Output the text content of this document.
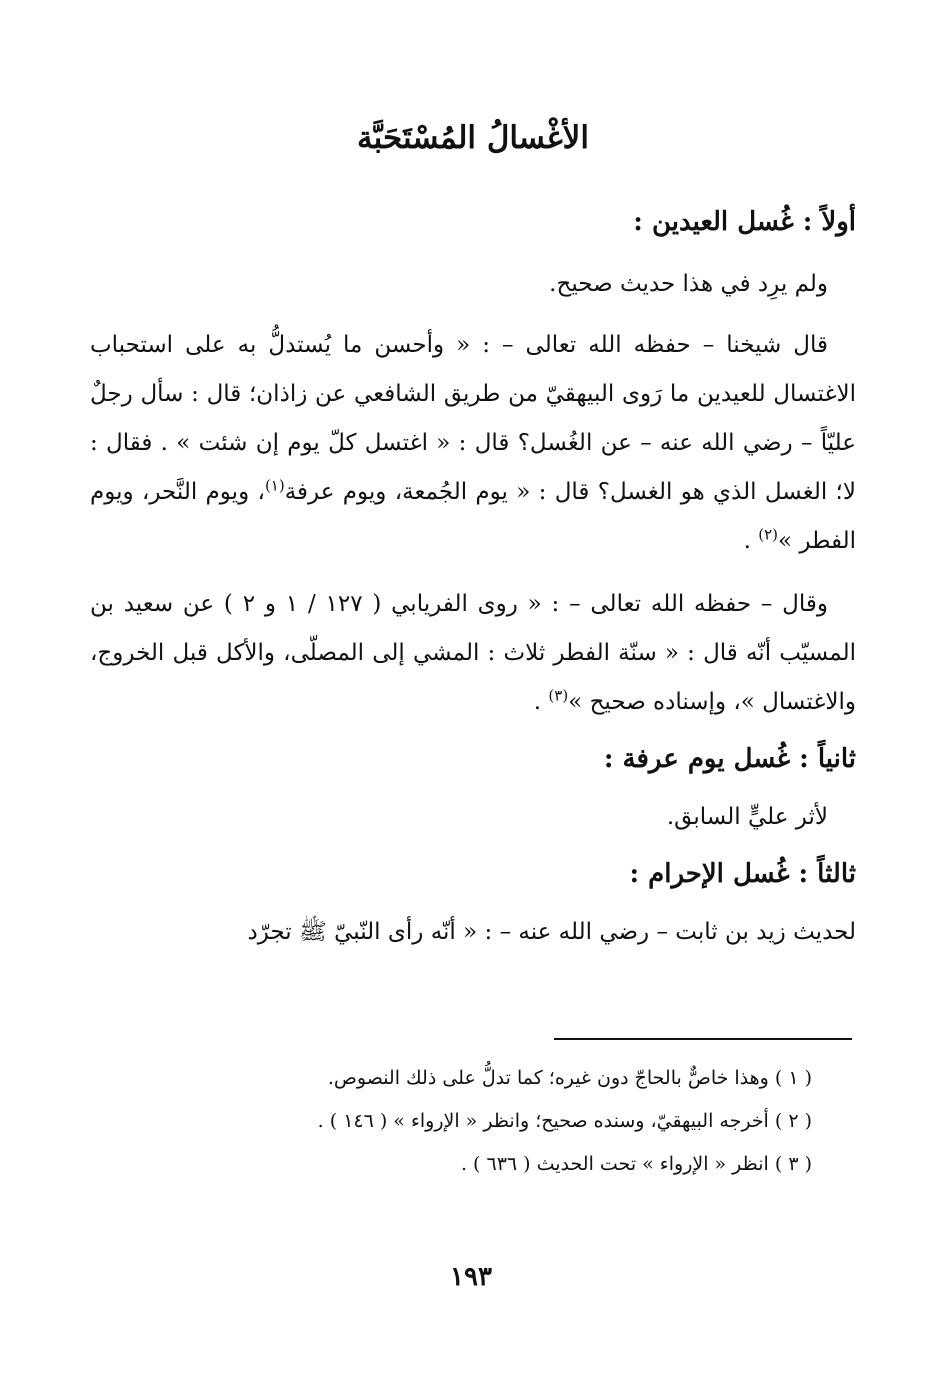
الأغْسالُ المُسْتَحَبَّة
أولاً : غُسل العيدين :

ولم يرِد في هذا حديث صحيح.

قال شيخنا – حفظه الله تعالى – : « وأحسن ما يُستدلُّ به على استحباب الاغتسال للعيدين ما رَوى البيهقيّ من طريق الشافعي عن زاذان؛ قال : سأل رجلٌ عليّاً – رضي الله عنه – عن الغُسل؟ قال : « اغتسل كلّ يوم إن شئت » . فقال : لا؛ الغسل الذي هو الغسل؟ قال : « يوم الجُمعة، ويوم عرفة$^{(١)}$، ويوم النَّحر، ويوم الفطر »$^{(٢)}$ .

وقال – حفظه الله تعالى – : « روى الفريابي ( ١٢٧ / ١ و ٢ ) عن سعيد بن المسيّب أنّه قال : « سنّة الفطر ثلاث : المشي إلى المصلّى، والأكل قبل الخروج، والاغتسال »، وإسناده صحيح »$^{(٣)}$ .

ثانياً : غُسل يوم عرفة :

لأثر عليٍّ السابق.

ثالثاً : غُسل الإحرام :

لحديث زيد بن ثابت – رضي الله عنه – : « أنّه رأى النّبيّ ﷺ تجرّد

( ١ ) وهذا خاصٌّ بالحاجّ دون غيره؛ كما تدلُّ على ذلك النصوص.

( ٢ ) أخرجه البيهقيّ، وسنده صحيح؛ وانظر « الإرواء » ( ١٤٦ ) .

( ٣ ) انظر « الإرواء » تحت الحديث ( ٦٣٦ ) .

١٩٣
